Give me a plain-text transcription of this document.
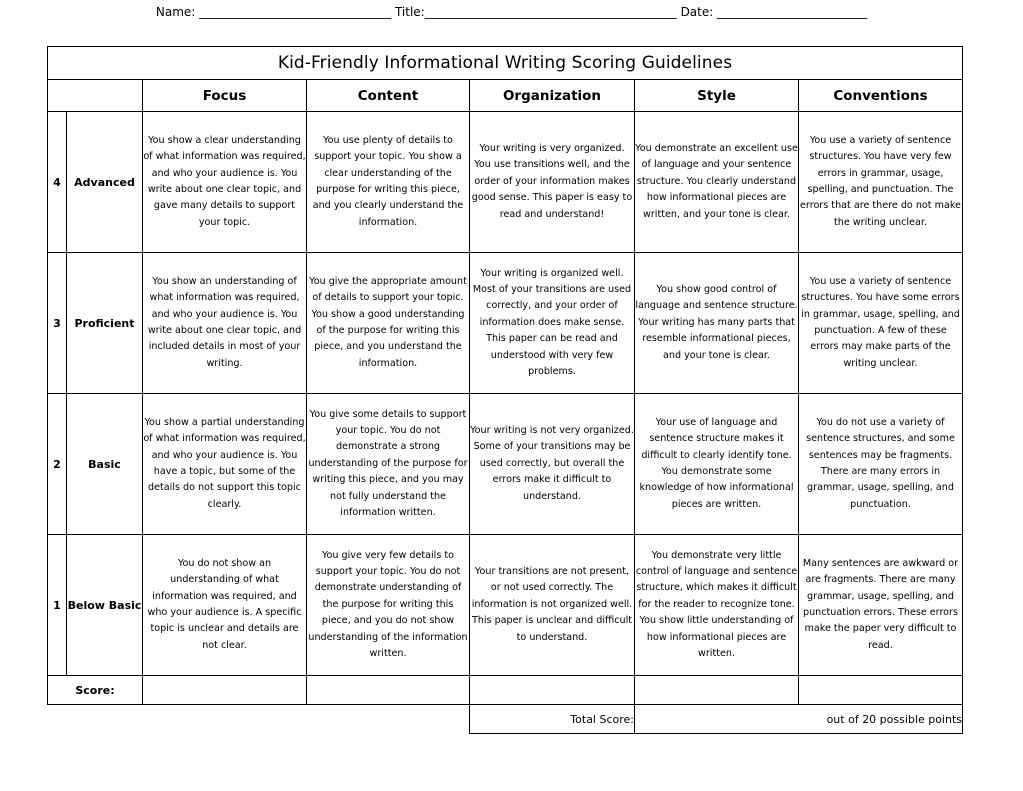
Name: ________________________________ Title:__________________________________________ Date: _________________________
Kid-Friendly Informational Writing Scoring Guidelines						
		Focus	Content	Organization	Style	Conventions
4	Advanced	You show a clear understanding of what information was required, and who your audience is. You write about one clear topic, and gave many details to support your topic.	You use plenty of details to support your topic. You show a clear understanding of the purpose for writing this piece, and you clearly understand the information.	Your writing is very organized. You use transitions well, and the order of your information makes good sense. This paper is easy to read and understand!	You demonstrate an excellent use of language and your sentence structure. You clearly understand how informational pieces are written, and your tone is clear.	You use a variety of sentence structures. You have very few errors in grammar, usage, spelling, and punctuation. The errors that are there do not make the writing unclear.
3	Proficient	You show an understanding of what information was required, and who your audience is. You write about one clear topic, and included details in most of your writing.	You give the appropriate amount of details to support your topic. You show a good understanding of the purpose for writing this piece, and you understand the information.	Your writing is organized well. Most of your transitions are used correctly, and your order of information does make sense. This paper can be read and understood with very few problems.	You show good control of language and sentence structure. Your writing has many parts that resemble informational pieces, and your tone is clear.	You use a variety of sentence structures. You have some errors in grammar, usage, spelling, and punctuation. A few of these errors may make parts of the writing unclear.
2	Basic	You show a partial understanding of what information was required, and who your audience is. You have a topic, but some of the details do not support this topic clearly.	You give some details to support your topic. You do not demonstrate a strong understanding of the purpose for writing this piece, and you may not fully understand the information written.	Your writing is not very organized. Some of your transitions may be used correctly, but overall the errors make it difficult to understand.	Your use of language and sentence structure makes it difficult to clearly identify tone. You demonstrate some knowledge of how informational pieces are written.	You do not use a variety of sentence structures, and some sentences may be fragments. There are many errors in grammar, usage, spelling, and punctuation.
1	Below Basic	You do not show an understanding of what information was required, and who your audience is. A specific topic is unclear and details are not clear.	You give very few details to support your topic. You do not demonstrate understanding of the purpose for writing this piece, and you do not show understanding of the information written.	Your transitions are not present, or not used correctly. The information is not organized well. This paper is unclear and difficult to understand.	You demonstrate very little control of language and sentence structure, which makes it difficult for the reader to recognize tone. You show little understanding of how informational pieces are written.	Many sentences are awkward or are fragments. There are many grammar, usage, spelling, and punctuation errors. These errors make the paper very difficult to read.
Score:						
				Total Score:	out of 20 possible points	
